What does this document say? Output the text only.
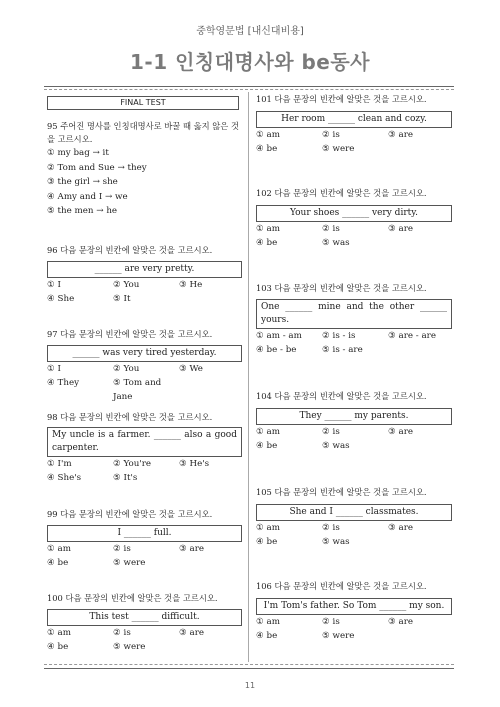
중학영문법 [내신대비용]
1-1 인칭대명사와 be동사
11
FINAL TEST
95 주어진 명사를 인칭대명사로 바꿀 때 옳지 않은 것을 고르시오.
① my bag → it
② Tom and Sue → they
③ the girl → she
④ Amy and I → we
⑤ the men → he
96 다음 문장의 빈칸에 알맞은 것을 고르시오.
______ are very pretty.
① I	② You	③ He
④ She	⑤ It
97 다음 문장의 빈칸에 알맞은 것을 고르시오.
______ was very tired yesterday.
① I	② You	③ We
④ They	⑤ Tom and Jane
98 다음 문장의 빈칸에 알맞은 것을 고르시오.
My uncle is a farmer. ______ also a good carpenter.
① I'm	② You're	③ He's
④ She's	⑤ It's
99 다음 문장의 빈칸에 알맞은 것을 고르시오.
I ______ full.
① am	② is	③ are
④ be	⑤ were
100 다음 문장의 빈칸에 알맞은 것을 고르시오.
This test ______ difficult.
① am	② is	③ are
④ be	⑤ were
101 다음 문장의 빈칸에 알맞은 것을 고르시오.
Her room ______ clean and cozy.
① am	② is	③ are
④ be	⑤ were
102 다음 문장의 빈칸에 알맞은 것을 고르시오.
Your shoes ______ very dirty.
① am	② is	③ are
④ be	⑤ was
103 다음 문장의 빈칸에 알맞은 것을 고르시오.
One ______ mine and the other ______ yours.
① am - am	② is - is	③ are - are
④ be - be	⑤ is - are
104 다음 문장의 빈칸에 알맞은 것을 고르시오.
They ______ my parents.
① am	② is	③ are
④ be	⑤ was
105 다음 문장의 빈칸에 알맞은 것을 고르시오.
She and I ______ classmates.
① am	② is	③ are
④ be	⑤ was
106 다음 문장의 빈칸에 알맞은 것을 고르시오.
I'm Tom's father. So Tom ______ my son.
① am	② is	③ are
④ be	⑤ were
